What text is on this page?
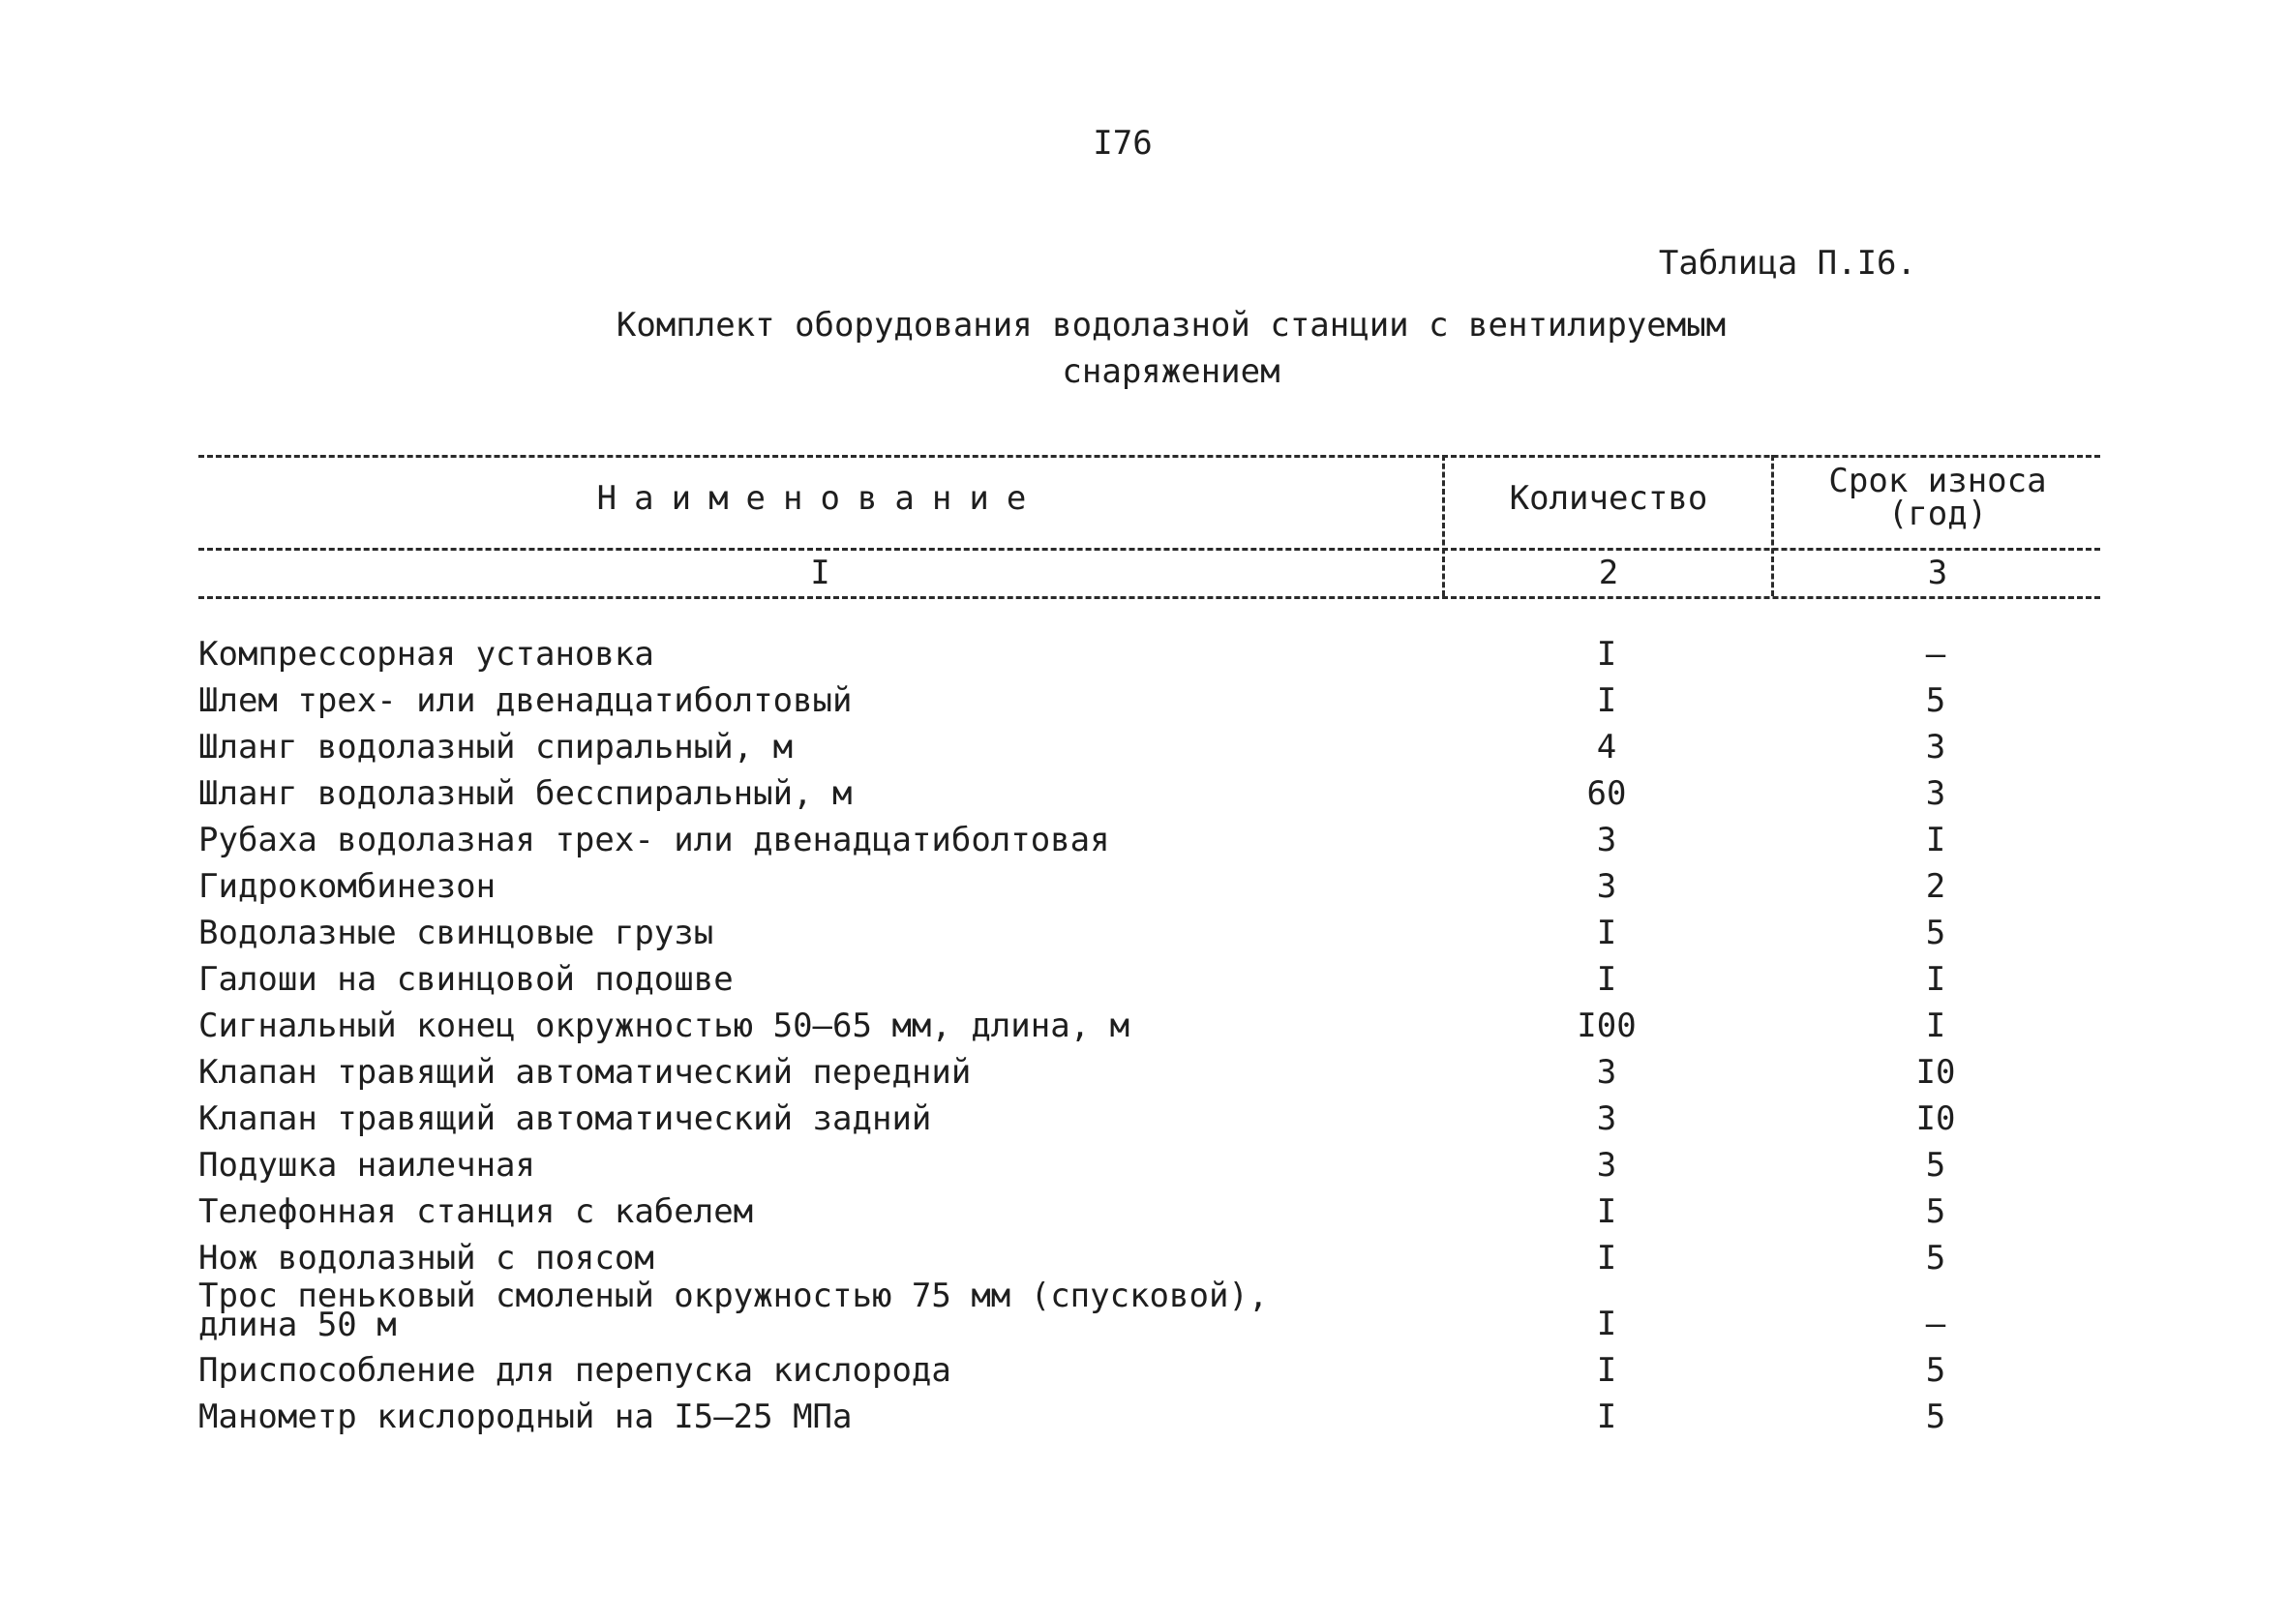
I76
Таблица П.I6.
Комплект оборудования водолазной станции с вентилируемым
снаряжением
Наименование	Количество	Срок износа
(год)
I	2	3
Компрессорная установка	I	–
Шлем трех- или двенадцатиболтовый	I	5
Шланг водолазный спиральный, м	4	3
Шланг водолазный бесспиральный, м	60	3
Рубаха водолазная трех- или двенадцатиболтовая	3	I
Гидрокомбинезон	3	2
Водолазные свинцовые грузы	I	5
Галоши на свинцовой подошве	I	I
Сигнальный конец окружностью 50–65 мм, длина, м	I00	I
Клапан травящий автоматический передний	3	I0
Клапан травящий автоматический задний	3	I0
Подушка наилечная	3	5
Телефонная станция с кабелем	I	5
Нож водолазный с поясом	I	5
Трос пеньковый смоленый окружностью 75 мм (спусковой),
длина 50 м	I	–
Приспособление для перепуска кислорода	I	5
Манометр кислородный на I5–25 МПа	I	5
